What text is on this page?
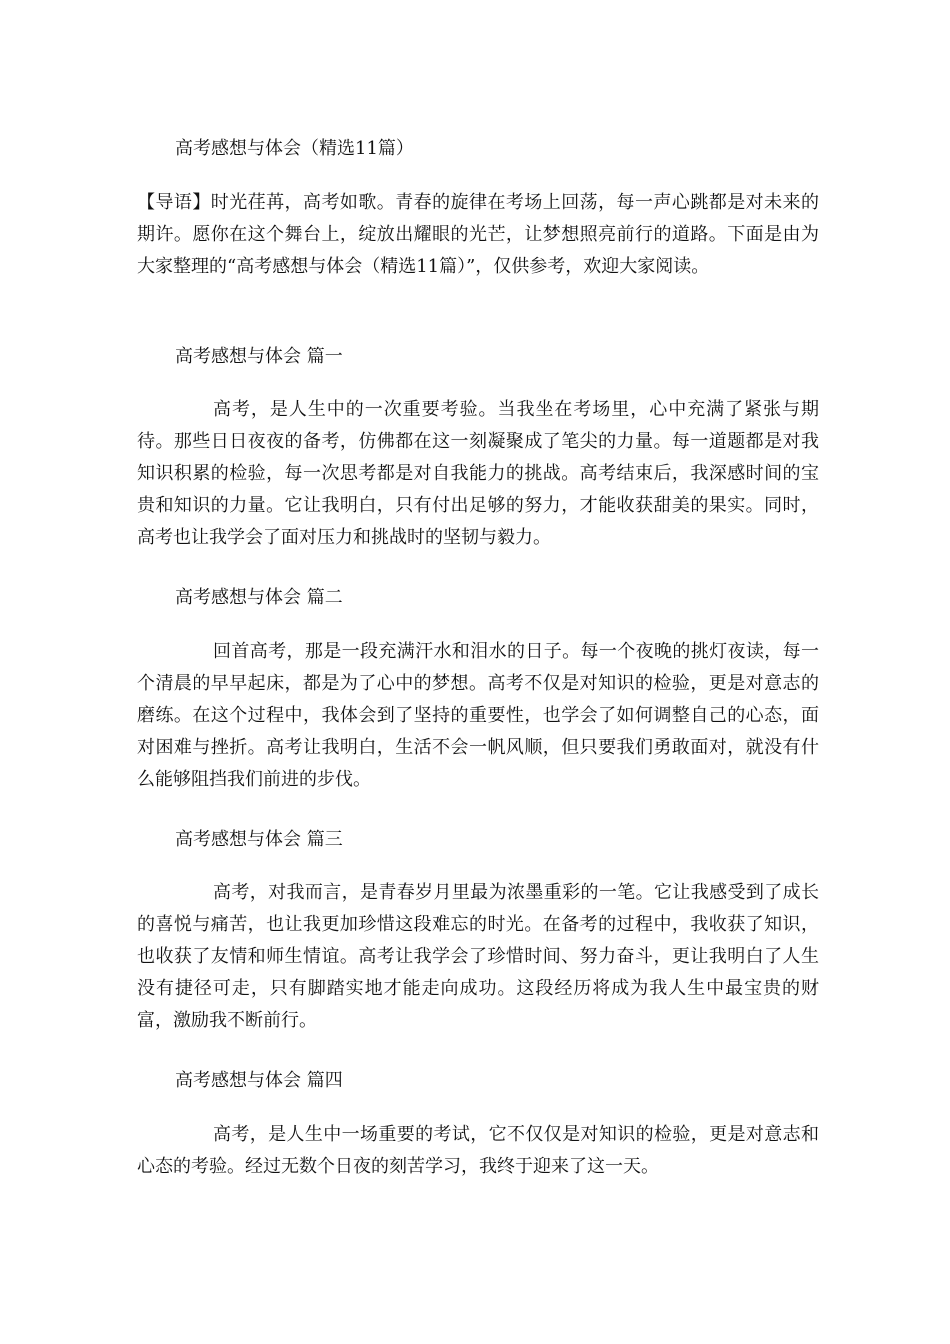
高考感想与体会（精选11篇）

【导语】时光荏苒，高考如歌。青春的旋律在考场上回荡，每一声心跳都是对未来的期许。愿你在这个舞台上，绽放出耀眼的光芒，让梦想照亮前行的道路。下面是由为大家整理的“高考感想与体会（精选11篇）”，仅供参考，欢迎大家阅读。

高考感想与体会 篇一

高考，是人生中的一次重要考验。当我坐在考场里，心中充满了紧张与期待。那些日日夜夜的备考，仿佛都在这一刻凝聚成了笔尖的力量。每一道题都是对我知识积累的检验，每一次思考都是对自我能力的挑战。高考结束后，我深感时间的宝贵和知识的力量。它让我明白，只有付出足够的努力，才能收获甜美的果实。同时，高考也让我学会了面对压力和挑战时的坚韧与毅力。

高考感想与体会 篇二

回首高考，那是一段充满汗水和泪水的日子。每一个夜晚的挑灯夜读，每一个清晨的早早起床，都是为了心中的梦想。高考不仅是对知识的检验，更是对意志的磨练。在这个过程中，我体会到了坚持的重要性，也学会了如何调整自己的心态，面对困难与挫折。高考让我明白，生活不会一帆风顺，但只要我们勇敢面对，就没有什么能够阻挡我们前进的步伐。

高考感想与体会 篇三

高考，对我而言，是青春岁月里最为浓墨重彩的一笔。它让我感受到了成长的喜悦与痛苦，也让我更加珍惜这段难忘的时光。在备考的过程中，我收获了知识，也收获了友情和师生情谊。高考让我学会了珍惜时间、努力奋斗，更让我明白了人生没有捷径可走，只有脚踏实地才能走向成功。这段经历将成为我人生中最宝贵的财富，激励我不断前行。

高考感想与体会 篇四

高考，是人生中一场重要的考试，它不仅仅是对知识的检验，更是对意志和心态的考验。经过无数个日夜的刻苦学习，我终于迎来了这一天。
